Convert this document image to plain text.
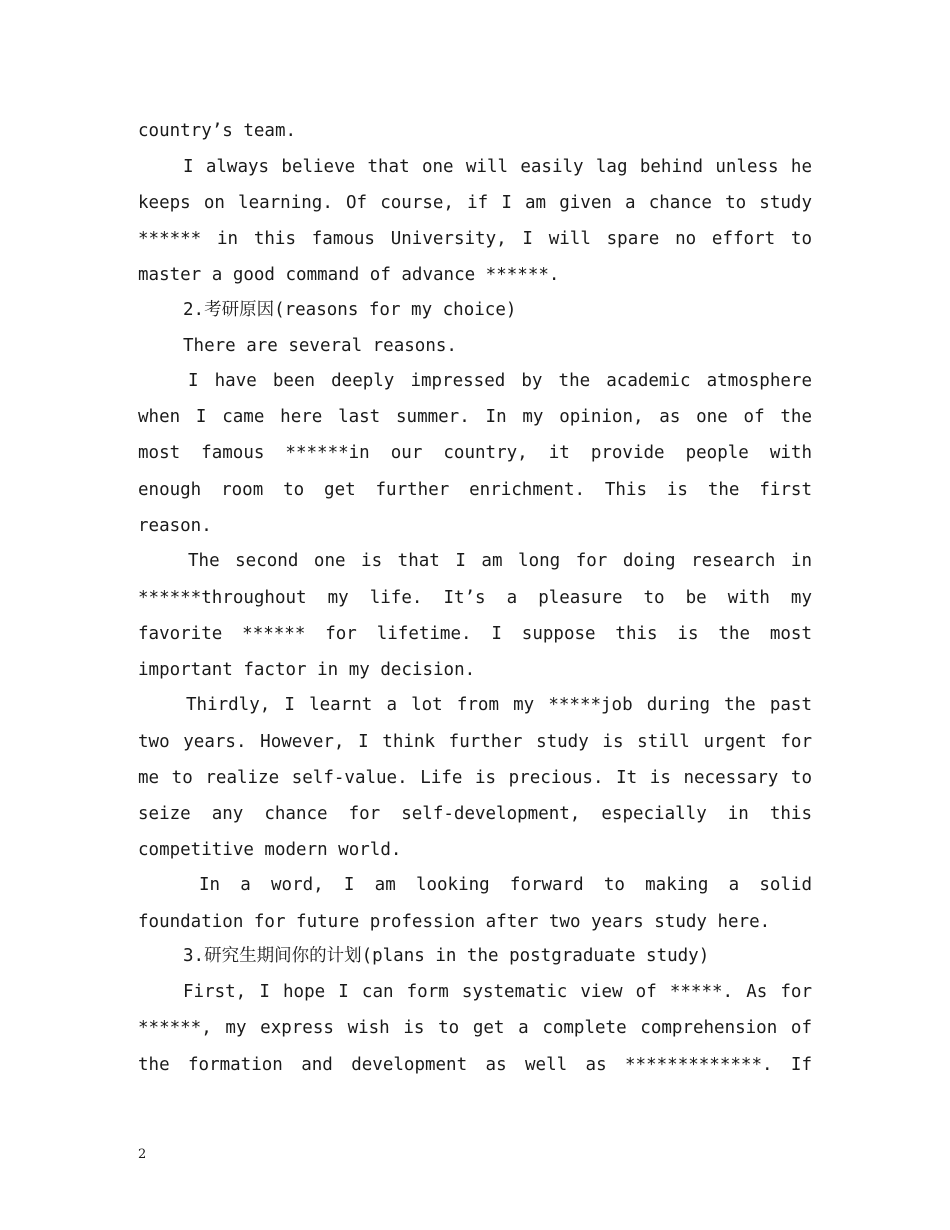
country’s team.
I always believe that one will easily lag behind unless he
keeps on learning. Of course, if I am given a chance to study
****** in this famous University, I will spare no effort to
master a good command of advance ******.
2.考研原因(reasons for my choice)
There are several reasons.
I have been deeply impressed by the academic atmosphere
when I came here last summer. In my opinion, as one of the
most famous ******in our country, it provide people with
enough room to get further enrichment. This is the first
reason.
The second one is that I am long for doing research in
******throughout my life. It’s a pleasure to be with my
favorite ****** for lifetime. I suppose this is the most
important factor in my decision.
Thirdly, I learnt a lot from my *****job during the past
two years. However, I think further study is still urgent for
me to realize self-value. Life is precious. It is necessary to
seize any chance for self-development, especially in this
competitive modern world.
In a word, I am looking forward to making a solid
foundation for future profession after two years study here.
3.研究生期间你的计划(plans in the postgraduate study)
First, I hope I can form systematic view of *****. As for
******, my express wish is to get a complete comprehension of
the formation and development as well as *************. If
2
